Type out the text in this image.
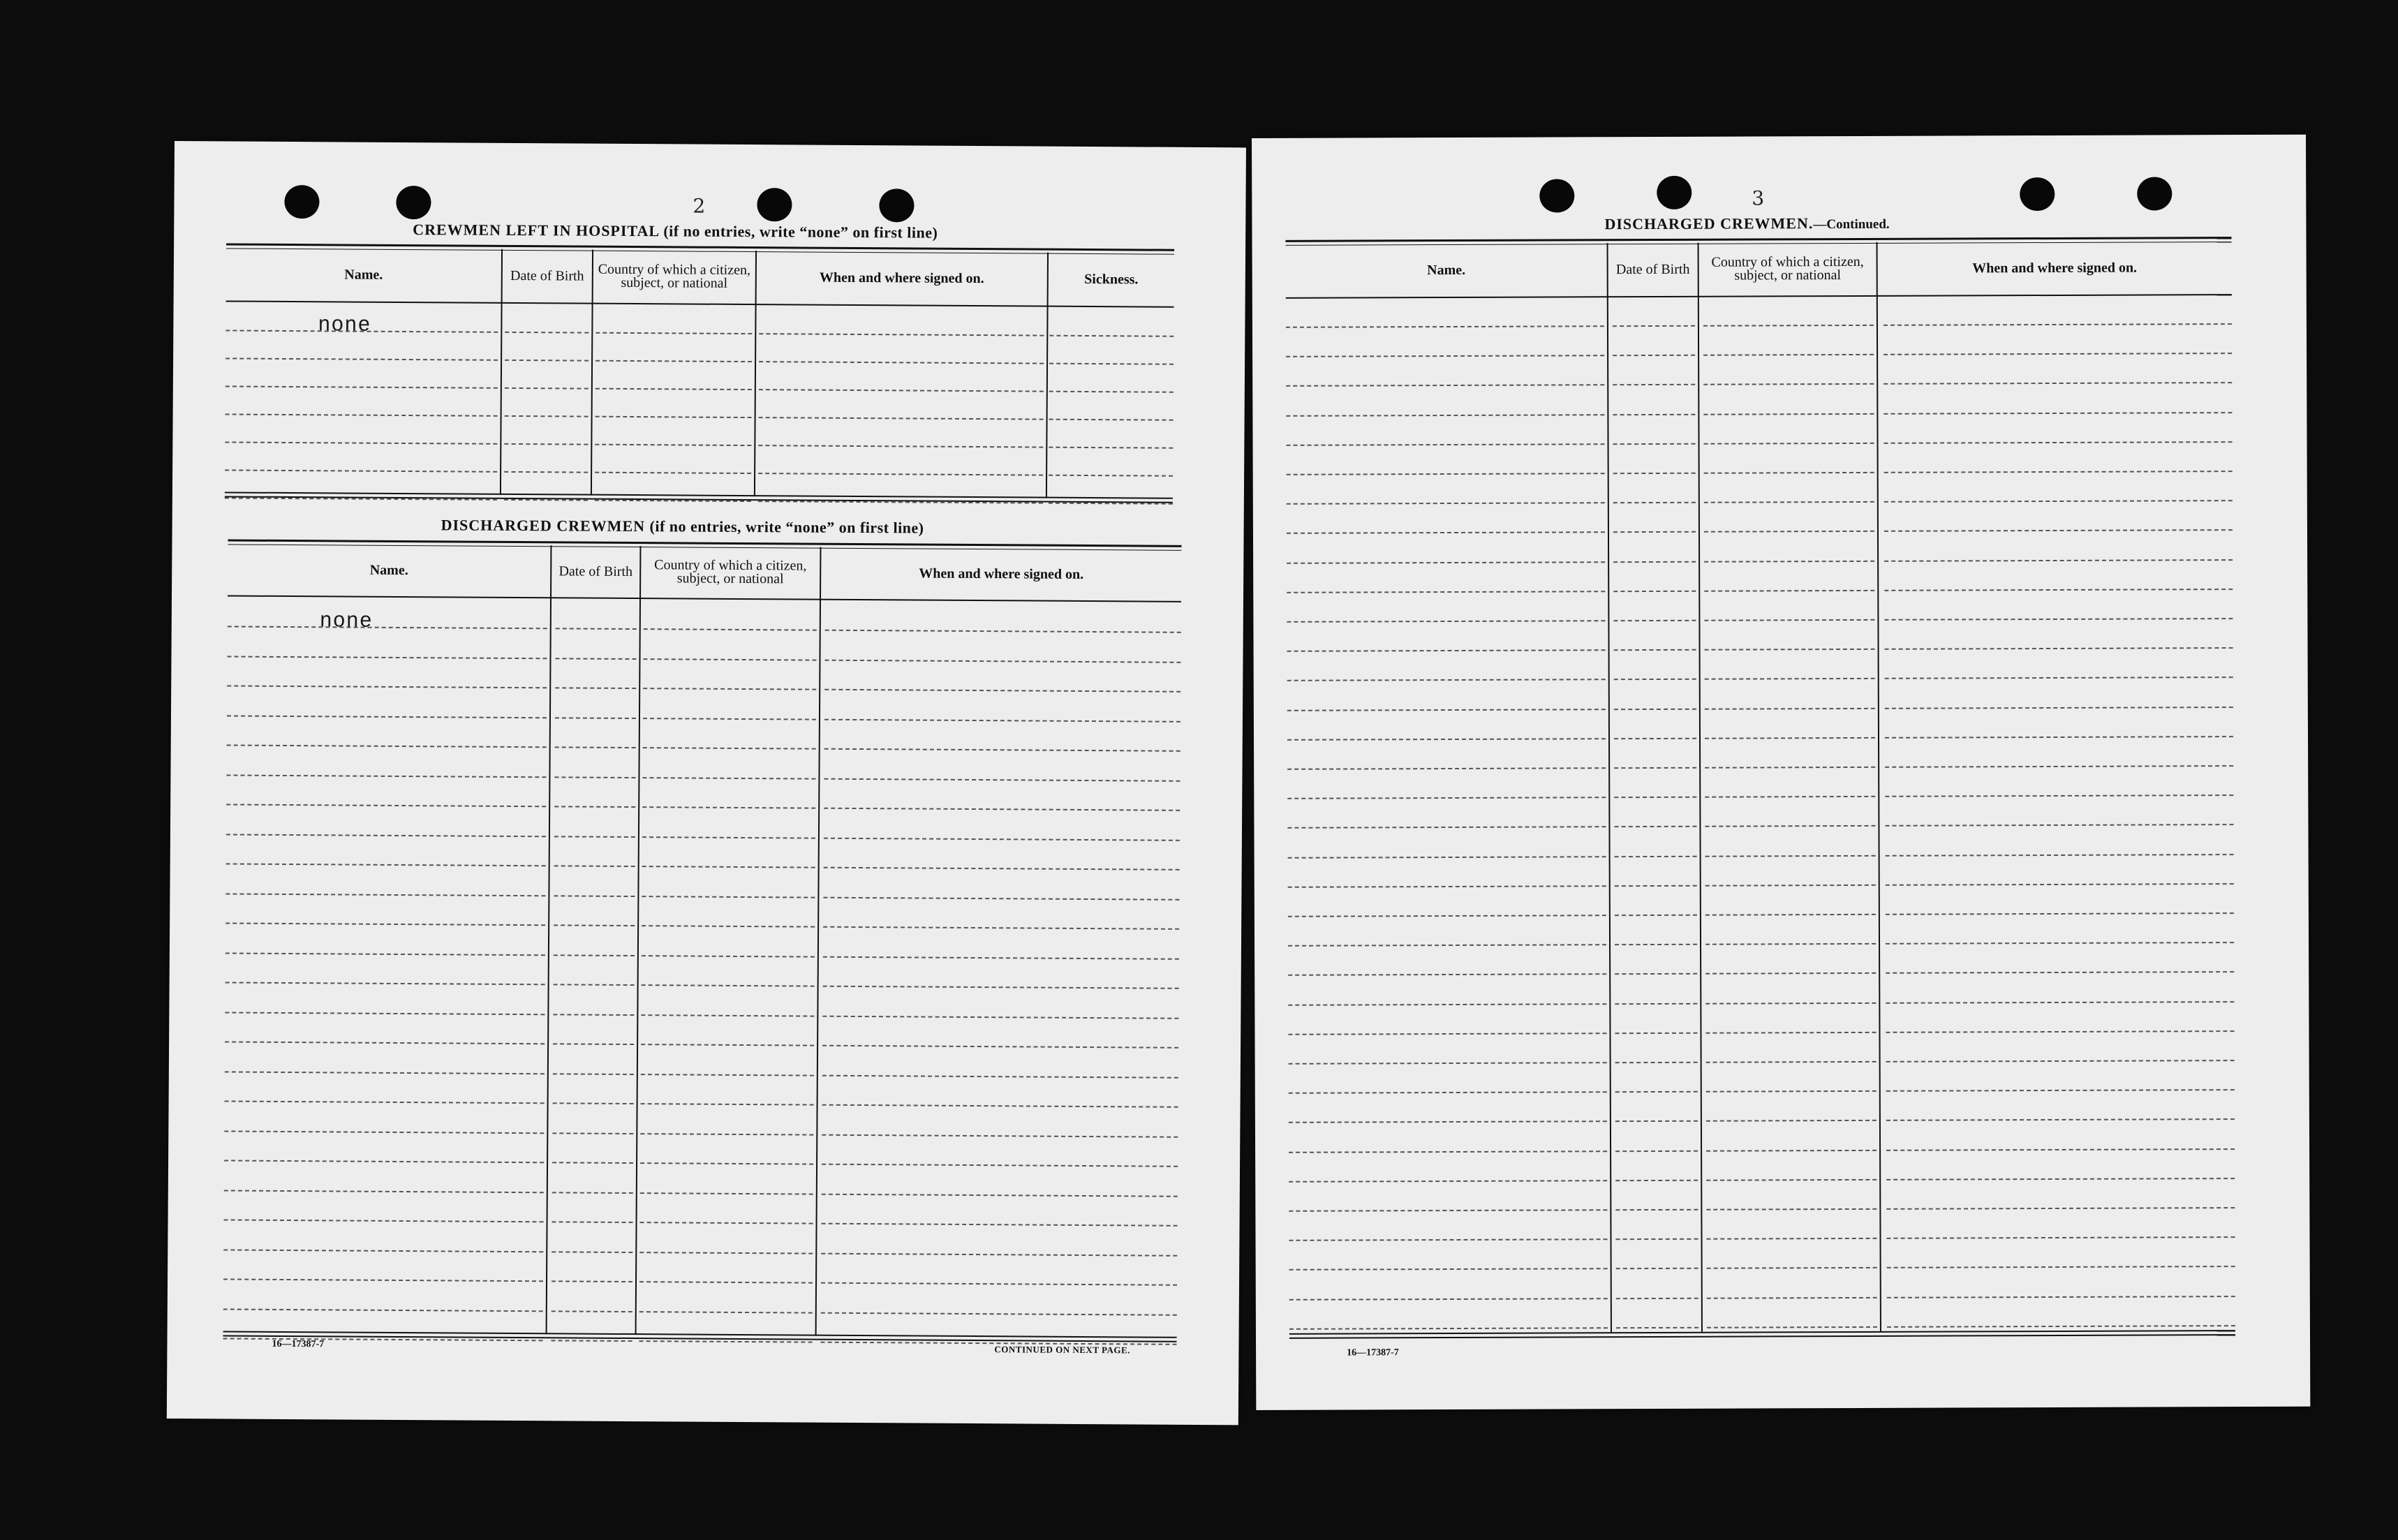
2
CREWMEN LEFT IN HOSPITAL (if no entries, write “none” on first line)
Name.	Date of Birth	Country of which a citizen, subject, or national	When and where signed on.	Sickness.
none
DISCHARGED CREWMEN (if no entries, write “none” on first line)
Name.	Date of Birth	Country of which a citizen, subject, or national	When and where signed on.
none
16—17387-7	CONTINUED ON NEXT PAGE.
3
DISCHARGED CREWMEN.—Continued.
Name.	Date of Birth	Country of which a citizen, subject, or national	When and where signed on.
16—17387-7
